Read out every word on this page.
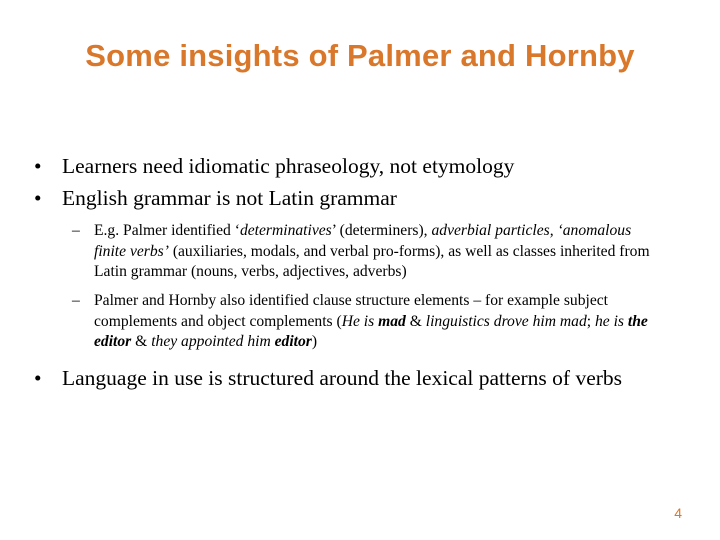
Some insights of Palmer and Hornby
• Learners need idiomatic phraseology, not etymology
• English grammar is not Latin grammar
– E.g. Palmer identified ‘determinatives’ (determiners), adverbial particles, ‘anomalous finite verbs’ (auxiliaries, modals, and verbal pro-forms), as well as classes inherited from Latin grammar (nouns, verbs, adjectives, adverbs)
– Palmer and Hornby also identified clause structure elements – for example subject complements and object complements (He is mad & linguistics drove him mad; he is the editor & they appointed him editor)
• Language in use is structured around the lexical patterns of verbs
4
